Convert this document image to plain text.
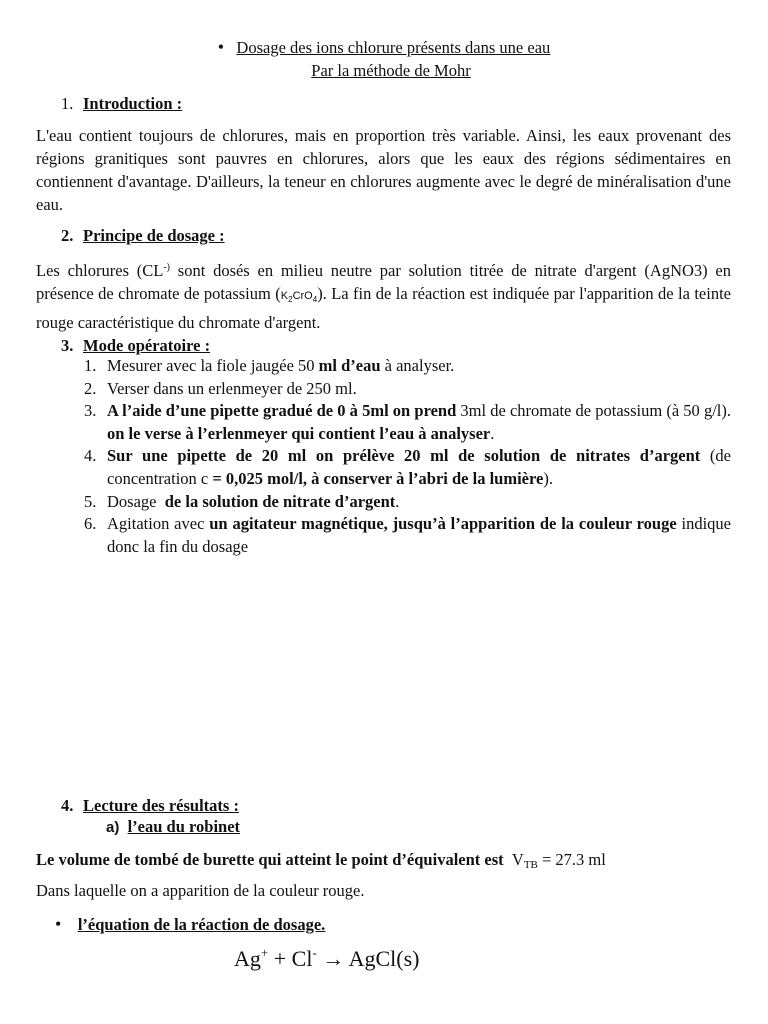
• Dosage des ions chlorure présents dans une eau
Par la méthode de Mohr
1. Introduction :
L'eau contient toujours de chlorures, mais en proportion très variable. Ainsi, les eaux provenant des régions granitiques sont pauvres en chlorures, alors que les eaux des régions sédimentaires en contiennent d'avantage. D'ailleurs, la teneur en chlorures augmente avec le degré de minéralisation d'une eau.
2. Principe de dosage :
Les chlorures (CL-) sont dosés en milieu neutre par solution titrée de nitrate d'argent (AgNO3) en présence de chromate de potassium $(K_2CrO_4)$. La fin de la réaction est indiquée par l'apparition de la teinte rouge caractéristique du chromate d'argent.
3. Mode opératoire :
1. Mesurer avec la fiole jaugée 50 ml d’eau à analyser.
2. Verser dans un erlenmeyer de 250 ml.
3. A l’aide d’une pipette gradué de 0 à 5ml on prend 3ml de chromate de potassium (à 50 g/l). on le verse à l’erlenmeyer qui contient l’eau à analyser.
4. Sur une pipette de 20 ml on prélève 20 ml de solution de nitrates d’argent (de concentration c = 0,025 mol/l, à conserver à l’abri de la lumière).
5. Dosage  de la solution de nitrate d’argent.
6. Agitation avec un agitateur magnétique, jusqu’à l’apparition de la couleur rouge indique donc la fin du dosage
4. Lecture des résultats :
a) l’eau du robinet
Le volume de tombé de burette qui atteint le point d’équivalent est $V_{TB} = 27.3$ ml
Dans laquelle on a apparition de la couleur rouge.
• l’équation de la réaction de dosage.
Ag+ + Cl- → AgCl(s)
